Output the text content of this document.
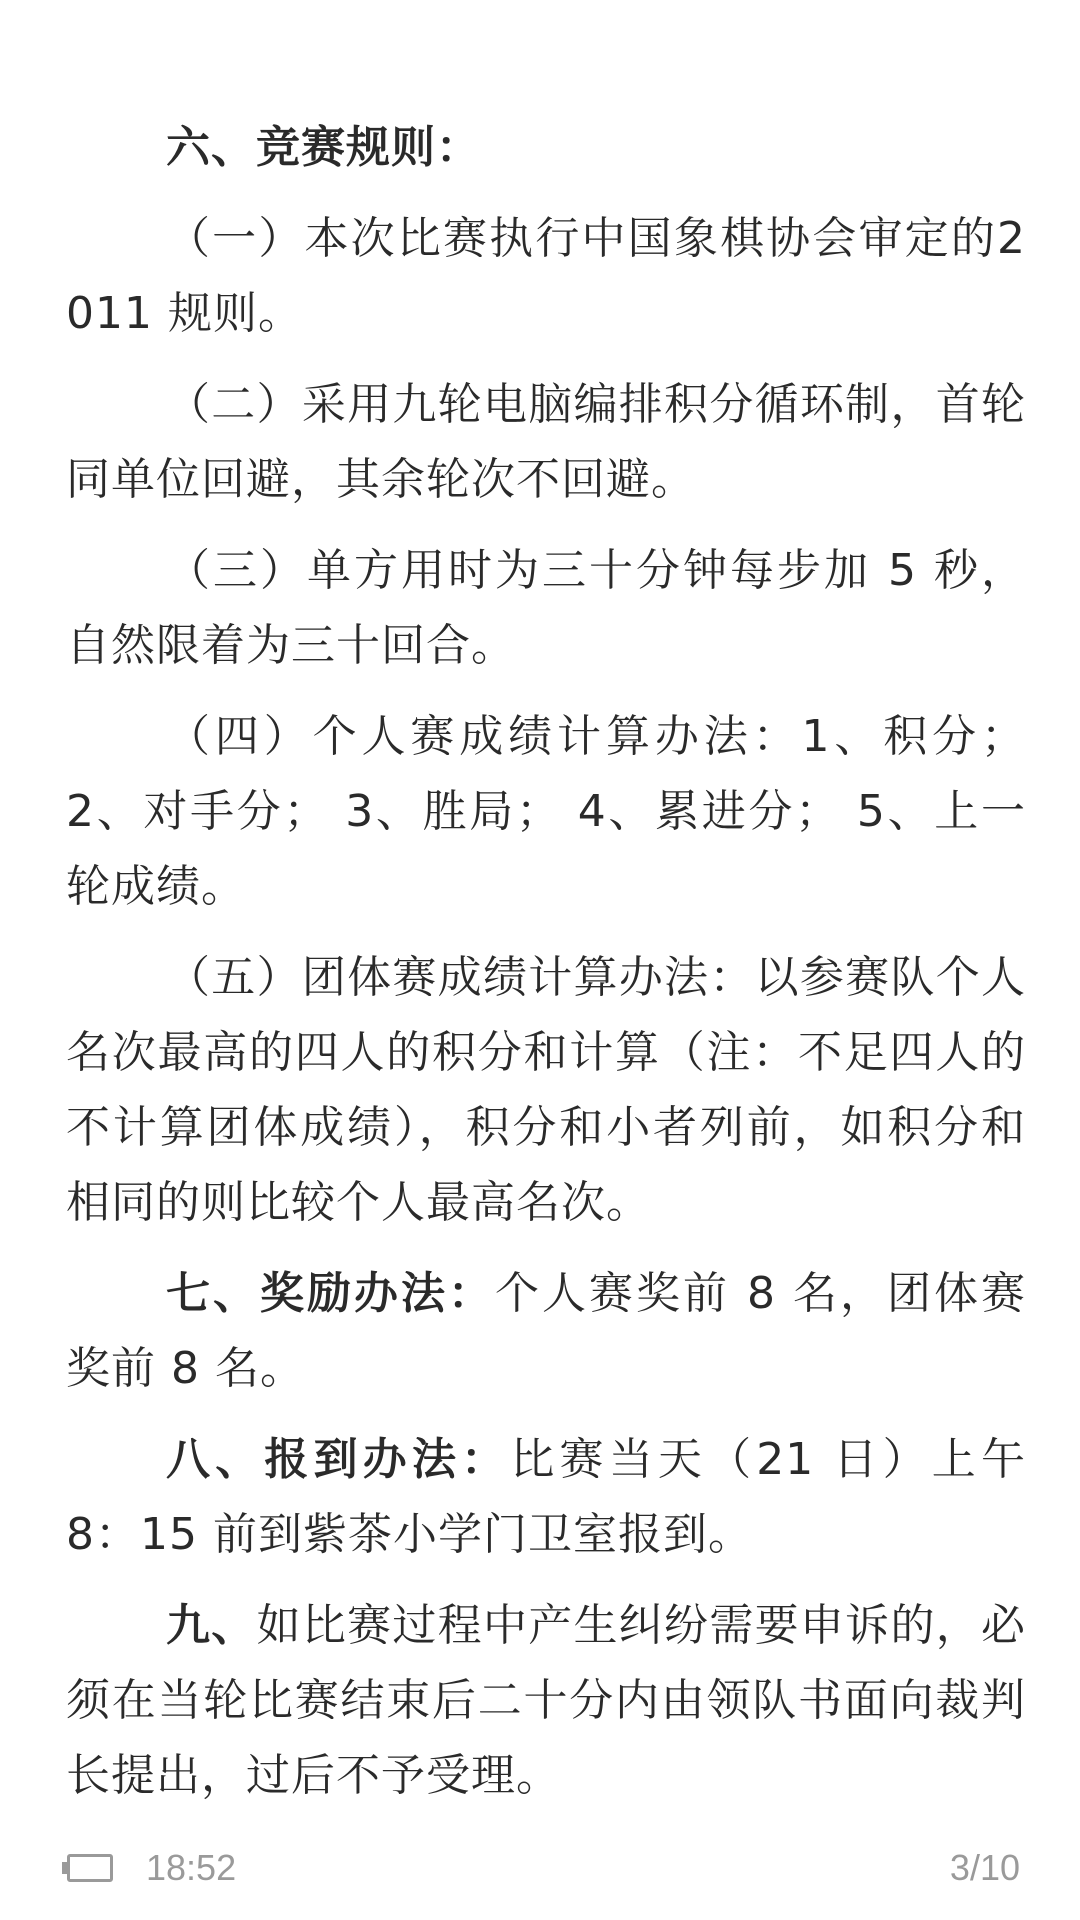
六、竞赛规则：

（一）本次比赛执行中国象棋协会审定的2011 规则。

（二）采用九轮电脑编排积分循环制，首轮同单位回避，其余轮次不回避。

（三）单方用时为三十分钟每步加 5 秒，自然限着为三十回合。

（四）个人赛成绩计算办法：1、积分；2、对手分； 3、胜局； 4、累进分； 5、上一轮成绩。

（五）团体赛成绩计算办法：以参赛队个人名次最高的四人的积分和计算（注：不足四人的不计算团体成绩），积分和小者列前，如积分和相同的则比较个人最高名次。

七、奖励办法：个人赛奖前 8 名，团体赛奖前 8 名。

八、报到办法：比赛当天（21 日）上午 8：15 前到紫茶小学门卫室报到。

九、如比赛过程中产生纠纷需要申诉的，必须在当轮比赛结束后二十分内由领队书面向裁判长提出，过后不予受理。

18:52	3/10
